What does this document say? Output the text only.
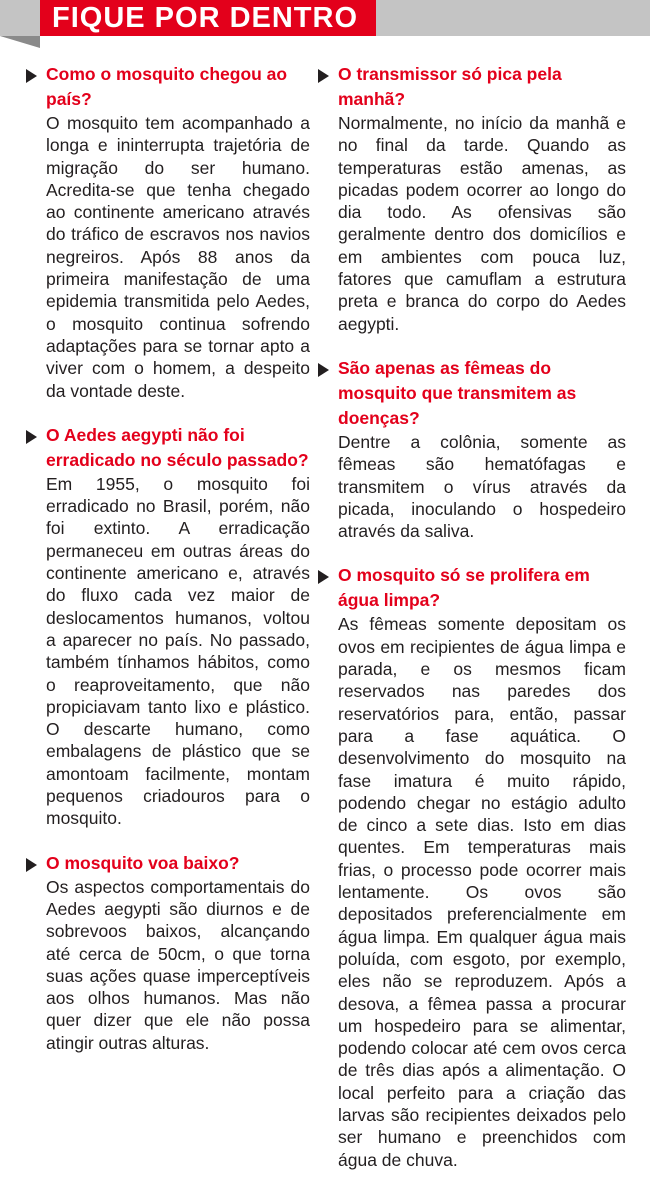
FIQUE POR DENTRO
Como o mosquito chegou ao país?
O mosquito tem acompanhado a longa e ininterrupta trajetória de migração do ser humano. Acredita-se que tenha chegado ao continente americano através do tráfico de escravos nos navios negreiros. Após 88 anos da primeira manifestação de uma epidemia transmitida pelo Aedes, o mosquito continua sofrendo adaptações para se tornar apto a viver com o homem, a despeito da vontade deste.
O Aedes aegypti não foi erradicado no século passado?
Em 1955, o mosquito foi erradicado no Brasil, porém, não foi extinto. A erradicação permaneceu em outras áreas do continente americano e, através do fluxo cada vez maior de deslocamentos humanos, voltou a aparecer no país. No passado, também tínhamos hábitos, como o reaproveitamento, que não propiciavam tanto lixo e plástico. O descarte humano, como embalagens de plástico que se amontoam facilmente, montam pequenos criadouros para o mosquito.
O mosquito voa baixo?
Os aspectos comportamentais do Aedes aegypti são diurnos e de sobrevoos baixos, alcançando até cerca de 50cm, o que torna suas ações quase imperceptíveis aos olhos humanos. Mas não quer dizer que ele não possa atingir outras alturas.
O transmissor só pica pela manhã?
Normalmente, no início da manhã e no final da tarde. Quando as temperaturas estão amenas, as picadas podem ocorrer ao longo do dia todo. As ofensivas são geralmente dentro dos domicílios e em ambientes com pouca luz, fatores que camuflam a estrutura preta e branca do corpo do Aedes aegypti.
São apenas as fêmeas do mosquito que transmitem as doenças?
Dentre a colônia, somente as fêmeas são hematófagas e transmitem o vírus através da picada, inoculando o hospedeiro através da saliva.
O mosquito só se prolifera em água limpa?
As fêmeas somente depositam os ovos em recipientes de água limpa e parada, e os mesmos ficam reservados nas paredes dos reservatórios para, então, passar para a fase aquática. O desenvolvimento do mosquito na fase imatura é muito rápido, podendo chegar no estágio adulto de cinco a sete dias. Isto em dias quentes. Em temperaturas mais frias, o processo pode ocorrer mais lentamente. Os ovos são depositados preferencialmente em água limpa. Em qualquer água mais poluída, com esgoto, por exemplo, eles não se reproduzem. Após a desova, a fêmea passa a procurar um hospedeiro para se alimentar, podendo colocar até cem ovos cerca de três dias após a alimentação. O local perfeito para a criação das larvas são recipientes deixados pelo ser humano e preenchidos com água de chuva.
